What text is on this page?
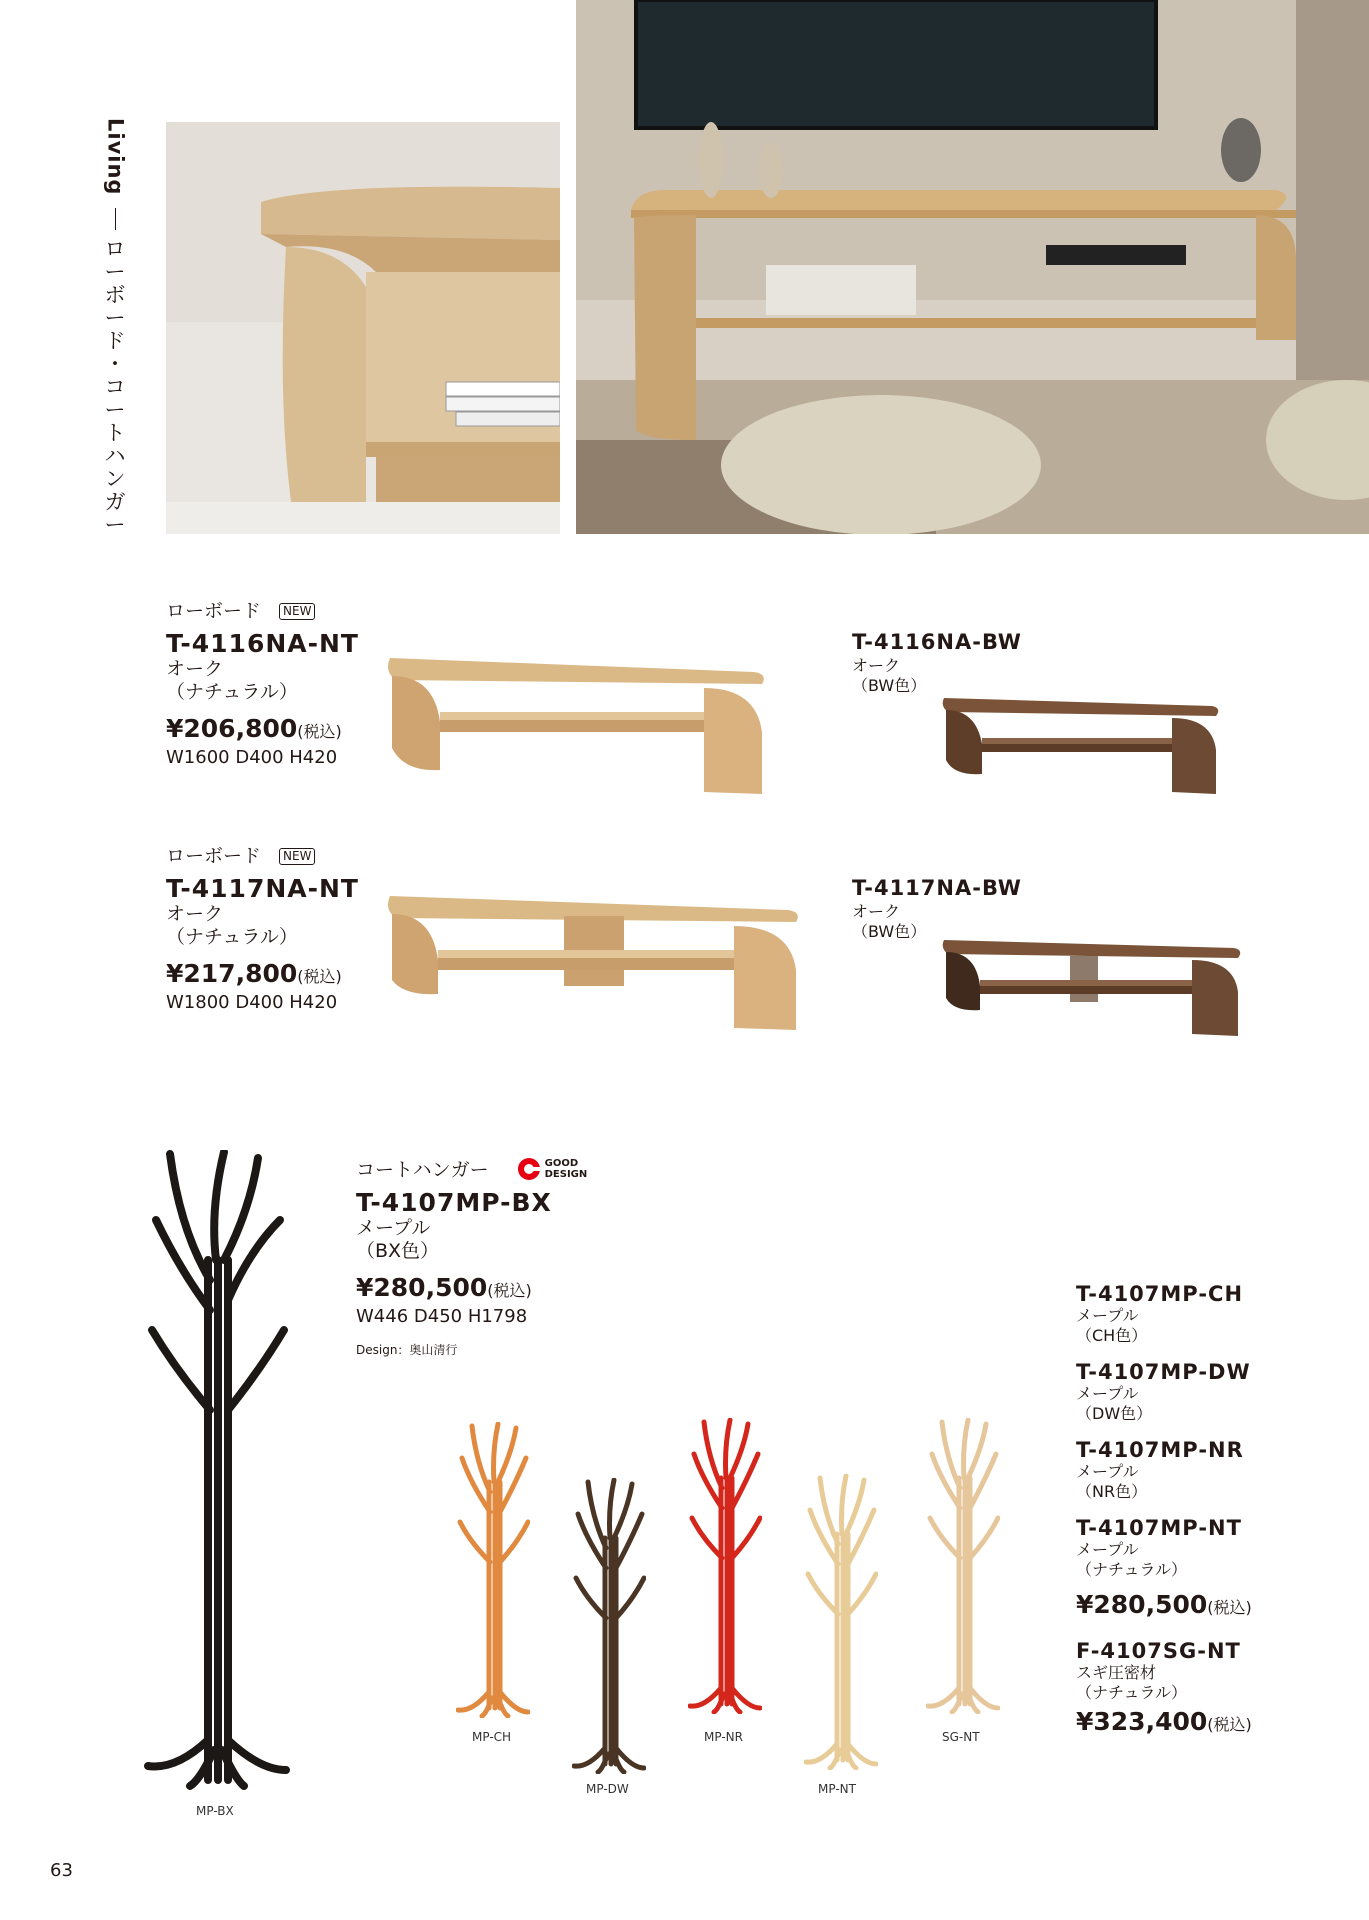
Living
ロ
ー
ボ
ー
ド
・
コ
ー
ト
ハ
ン
ガ
ー
ローボード NEW
T-4116NA-NT
オーク
（ナチュラル）
¥206,800(税込)
W1600 D400 H420
T-4116NA-BW
オーク
（BW色）
ローボード NEW
T-4117NA-NT
オーク
（ナチュラル）
¥217,800(税込)
W1800 D400 H420
T-4117NA-BW
オーク
（BW色）
MP-BX
コートハンガー	GOOD
DESIGN
T-4107MP-BX
メープル
（BX色）
¥280,500(税込)
W446 D450 H1798
Design：奥山清行
MP-CH
MP-DW
MP-NR
MP-NT
SG-NT
T-4107MP-CH
メープル
（CH色）
T-4107MP-DW
メープル
（DW色）
T-4107MP-NR
メープル
（NR色）
T-4107MP-NT
メープル
（ナチュラル）
¥280,500(税込)
F-4107SG-NT
スギ圧密材
（ナチュラル）
¥323,400(税込)
63
